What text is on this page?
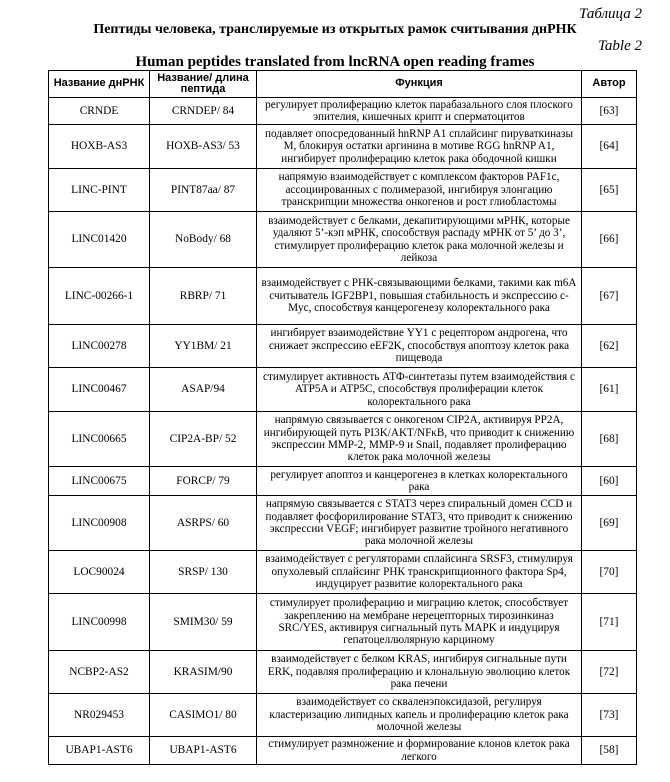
Таблица 2
Пептиды человека, транслируемые из открытых рамок считывания днРНК
Table 2
Human peptides translated from lncRNA open reading frames
Название днРНК	Название/ длина пептида	Функция	Автор
CRNDE	CRNDEP/ 84	регулирует пролиферацию клеток парабазального слоя плоского эпителия, кишечных крипт и сперматоцитов	[63]
HOXB-AS3	HOXB-AS3/ 53	подавляет опосредованный hnRNP A1 сплайсинг пируваткиназы M, блокируя остатки аргинина в мотиве RGG hnRNP A1, ингибирует пролиферацию клеток рака ободочной кишки	[64]
LINC-PINT	PINT87aa/ 87	напрямую взаимодействует с комплексом факторов PAF1c, ассоциированных с полимеразой, ингибируя элонгацию транскрипции множества онкогенов и рост глиобластомы	[65]
LINC01420	NoBody/ 68	взаимодействует с белками, декапитирующими мРНК, которые удаляют 5’-кэп мРНК, способствуя распаду мРНК от 5’ до 3’, стимулирует пролиферацию клеток рака молочной железы и лейкоза	[66]
LINC-00266-1	RBRP/ 71	взаимодействует с РНК-связывающими белками, такими как m6A считыватель IGF2BP1, повышая стабильность и экспрессию c-Myc, способствуя канцерогенезу колоректального рака	[67]
LINC00278	YY1BM/ 21	ингибирует взаимодействие YY1 с рецептором андрогена, что снижает экспрессию eEF2K, способствуя апоптозу клеток рака пищевода	[62]
LINC00467	ASAP/94	стимулирует активность АТФ-синтетазы путем взаимодействия с ATP5A и ATP5C, способствуя пролиферации клеток колоректального рака	[61]
LINC00665	CIP2A-BP/ 52	напрямую связывается с онкогеном CIP2A, активируя PP2A, ингибирующей путь PI3K/AKT/NFκB, что приводит к снижению экспрессии MMP-2, MMP-9 и Snail, подавляет пролиферацию клеток рака молочной железы	[68]
LINC00675	FORCP/ 79	регулирует апоптоз и канцерогенез в клетках колоректального рака	[60]
LINC00908	ASRPS/ 60	напрямую связывается с STAT3 через спиральный домен CCD и подавляет фосфорилирование STAT3, что приводит к снижению экспрессии VEGF; ингибирует развитие тройного негативного рака молочной железы	[69]
LOC90024	SRSP/ 130	взаимодействует с регуляторами сплайсинга SRSF3, стимулируя опухолевый сплайсинг РНК транскрипционного фактора Sp4, индуцирует развитие колоректального рака	[70]
LINC00998	SMIM30/ 59	стимулирует пролиферацию и миграцию клеток, способствует закреплению на мембране нерецепторных тирозинкиназ SRC/YES, активируя сигнальный путь MAPK и индуцируя гепатоцеллюлярную карциному	[71]
NCBP2-AS2	KRASIM/90	взаимодействует с белком KRAS, ингибируя сигнальные пути ERK, подавляя пролиферацию и клональную эволюцию клеток рака печени	[72]
NR029453	CASIMO1/ 80	взаимодействует со скваленэпоксидазой, регулируя кластеризацию липидных капель и пролиферацию клеток рака молочной железы	[73]
UBAP1-AST6	UBAP1-AST6	стимулирует размножение и формирование клонов клеток рака легкого	[58]
